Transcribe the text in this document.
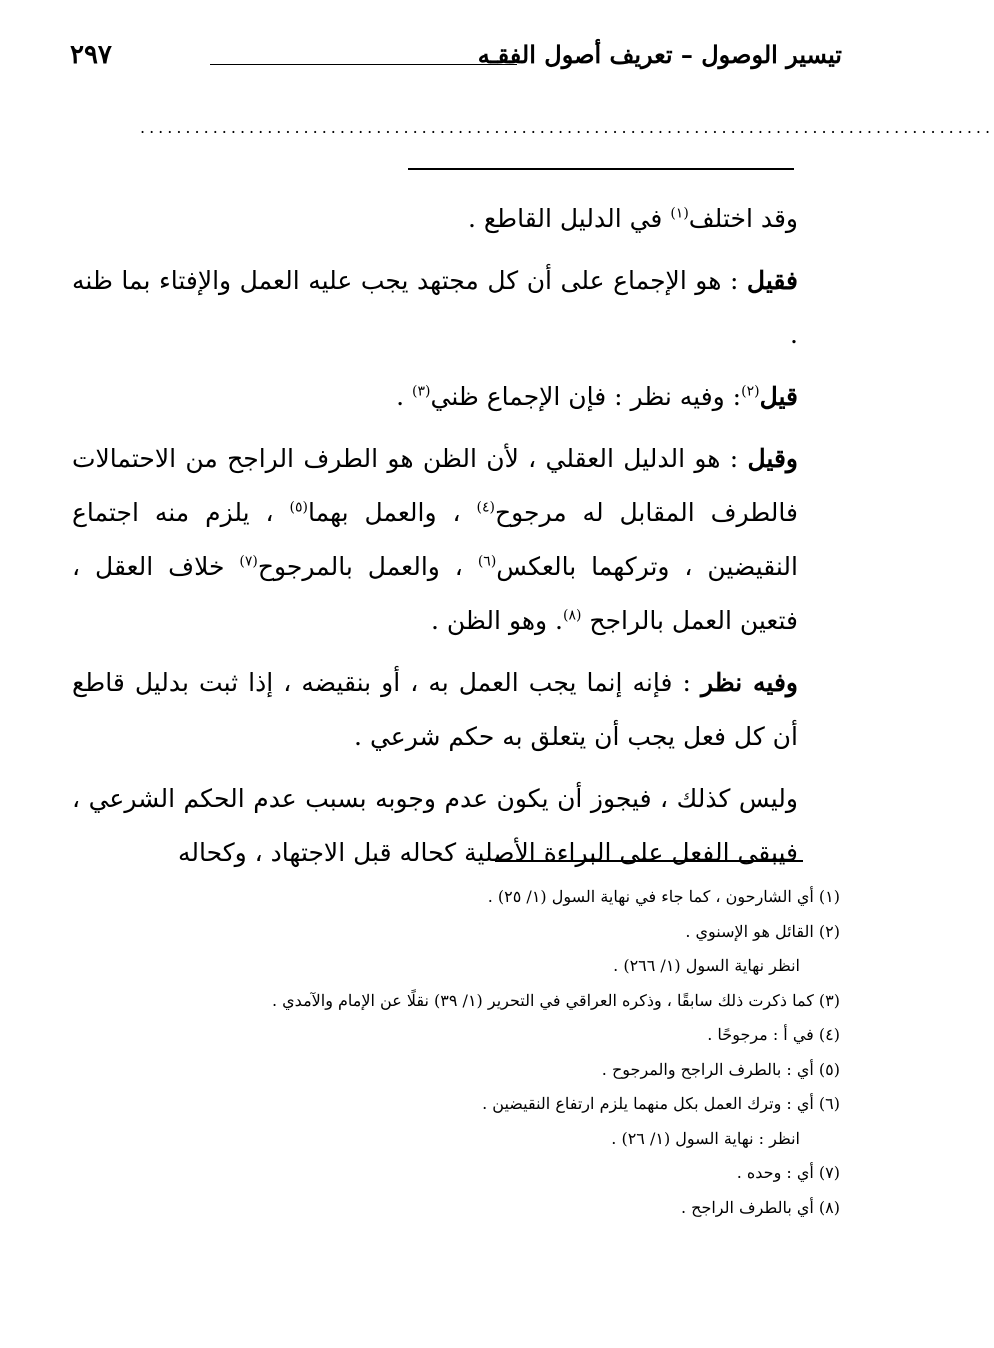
تيسير الوصول – تعريف أصول الفقـه
٢٩٧
..............................................................................................

وقد اختلف$^{(١)}$ في الدليل القاطع .

فقيل : هو الإجماع على أن كل مجتهد يجب عليه العمل والإفتاء بما ظنه .

قيل$^{(٢)}$: وفيه نظر : فإن الإجماع ظني$^{(٣)}$ .

وقيل : هو الدليل العقلي ، لأن الظن هو الطرف الراجح من الاحتمالات فالطرف المقابل له مرجوح$^{(٤)}$ ، والعمل بهما$^{(٥)}$ ، يلزم منه اجتماع النقيضين ، وتركهما بالعكس$^{(٦)}$ ، والعمل بالمرجوح$^{(٧)}$ خلاف العقل ، فتعين العمل بالراجح $^{(٨)}$. وهو الظن .

وفيه نظر : فإنه إنما يجب العمل به ، أو بنقيضه ، إذا ثبت بدليل قاطع أن كل فعل يجب أن يتعلق به حكم شرعي .

وليس كذلك ، فيجوز أن يكون عدم وجوبه بسبب عدم الحكم الشرعي ، فيبقى الفعل على البراءة الأصلية كحاله قبل الاجتهاد ، وكحاله

(١) أي الشارحون ، كما جاء في نهاية السول (١/ ٢٥) .
(٢) القائل هو الإسنوي .
انظر نهاية السول (١/ ٢٦٦) .
(٣) كما ذكرت ذلك سابقًا ، وذكره العراقي في التحرير (١/ ٣٩) نقلًا عن الإمام والآمدي .
(٤) في أ : مرجوحًا .
(٥) أي : بالطرف الراجح والمرجوح .
(٦) أي : وترك العمل بكل منهما يلزم ارتفاع النقيضين .
انظر : نهاية السول (١/ ٢٦) .
(٧) أي : وحده .
(٨) أي بالطرف الراجح .
